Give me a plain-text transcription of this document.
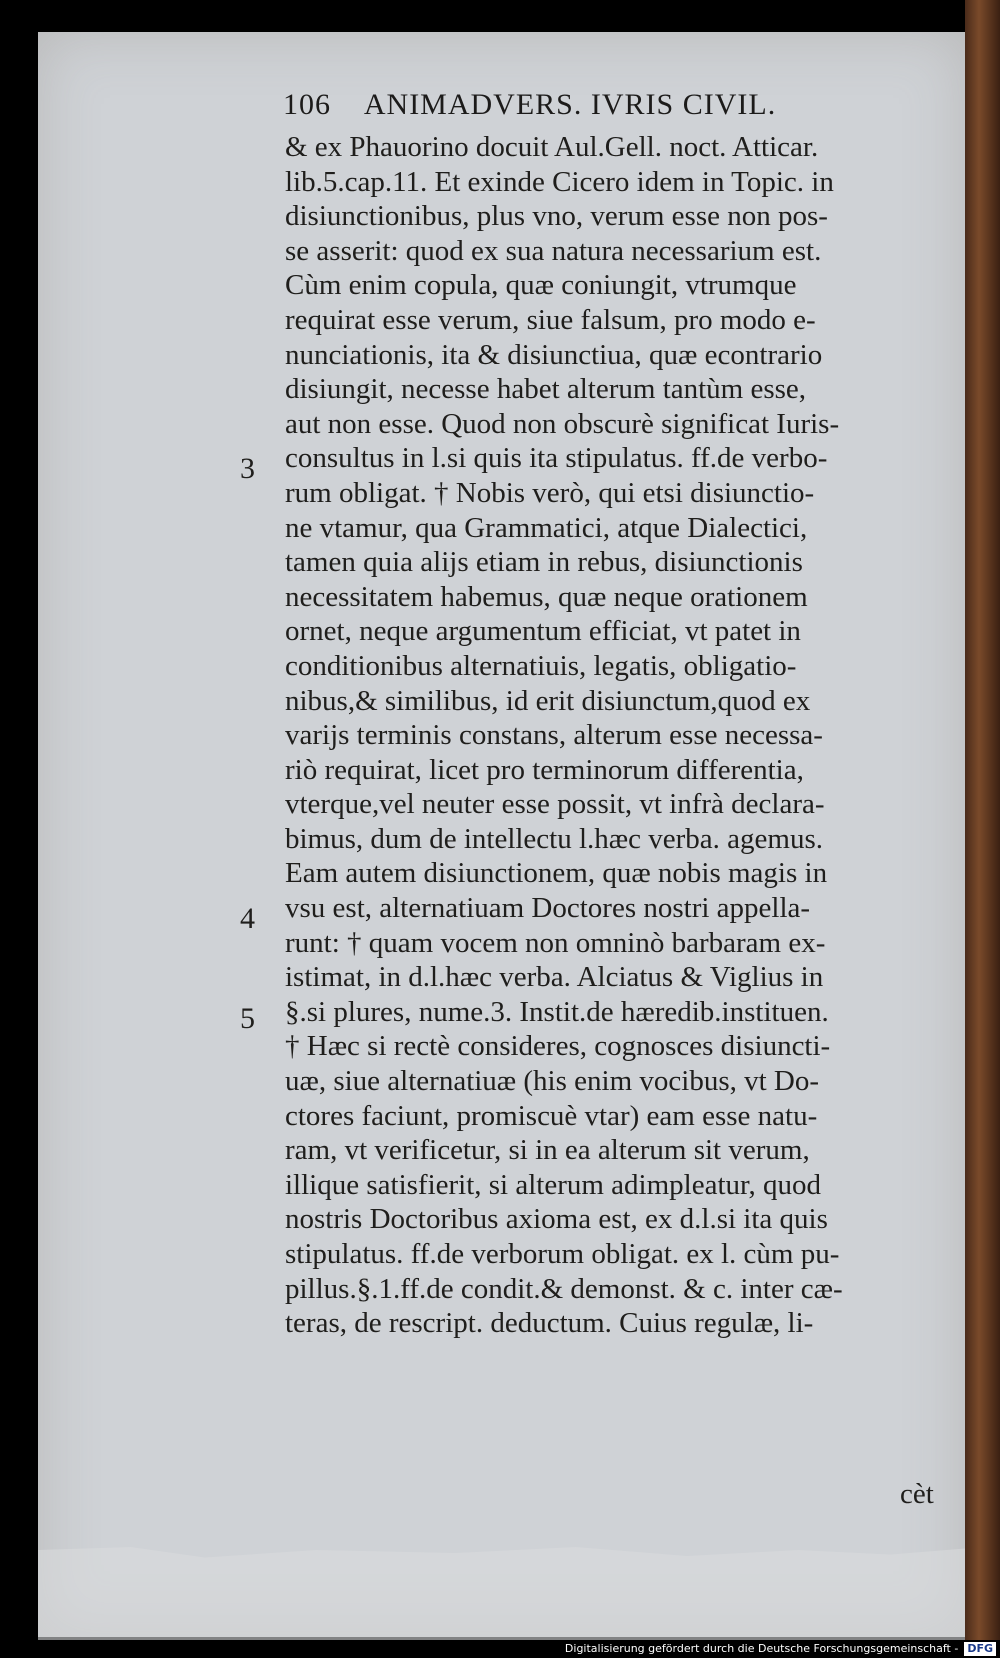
106 ANIMADVERS. IVRIS CIVIL.
& ex Phauorino docuit Aul.Gell. noct. Atticar.
lib.5.cap.11. Et exinde Cicero idem in Topic. in
disiunctionibus, plus vno, verum esse non pos-
se asserit: quod ex sua natura necessarium est.
Cùm enim copula, quæ coniungit, vtrumque
requirat esse verum, siue falsum, pro modo e-
nunciationis, ita & disiunctiua, quæ econtrario
disiungit, necesse habet alterum tantùm esse,
aut non esse. Quod non obscurè significat Iuris-
consultus in l.si quis ita stipulatus. ff.de verbo-
rum obligat. † Nobis verò, qui etsi disiunctio-
ne vtamur, qua Grammatici, atque Dialectici,
tamen quia alijs etiam in rebus, disiunctionis
necessitatem habemus, quæ neque orationem
ornet, neque argumentum efficiat, vt patet in
conditionibus alternatiuis, legatis, obligatio-
nibus,& similibus, id erit disiunctum,quod ex
varijs terminis constans, alterum esse necessa-
riò requirat, licet pro terminorum differentia,
vterque,vel neuter esse possit, vt infrà declara-
bimus, dum de intellectu l.hæc verba. agemus.
Eam autem disiunctionem, quæ nobis magis in
vsu est, alternatiuam Doctores nostri appella-
runt: † quam vocem non omninò barbaram ex-
istimat, in d.l.hæc verba. Alciatus & Viglius in
§.si plures, nume.3. Instit.de hæredib.instituen.
† Hæc si rectè consideres, cognosces disiuncti-
uæ, siue alternatiuæ (his enim vocibus, vt Do-
ctores faciunt, promiscuè vtar) eam esse natu-
ram, vt verificetur, si in ea alterum sit verum,
illique satisfierit, si alterum adimpleatur, quod
nostris Doctoribus axioma est, ex d.l.si ita quis
stipulatus. ff.de verborum obligat. ex l. cùm pu-
pillus.§.1.ff.de condit.& demonst. & c. inter cæ-
teras, de rescript. deductum. Cuius regulæ, li-
3
4
5
cèt
Digitalisierung gefördert durch die Deutsche Forschungsgemeinschaft - DFG
